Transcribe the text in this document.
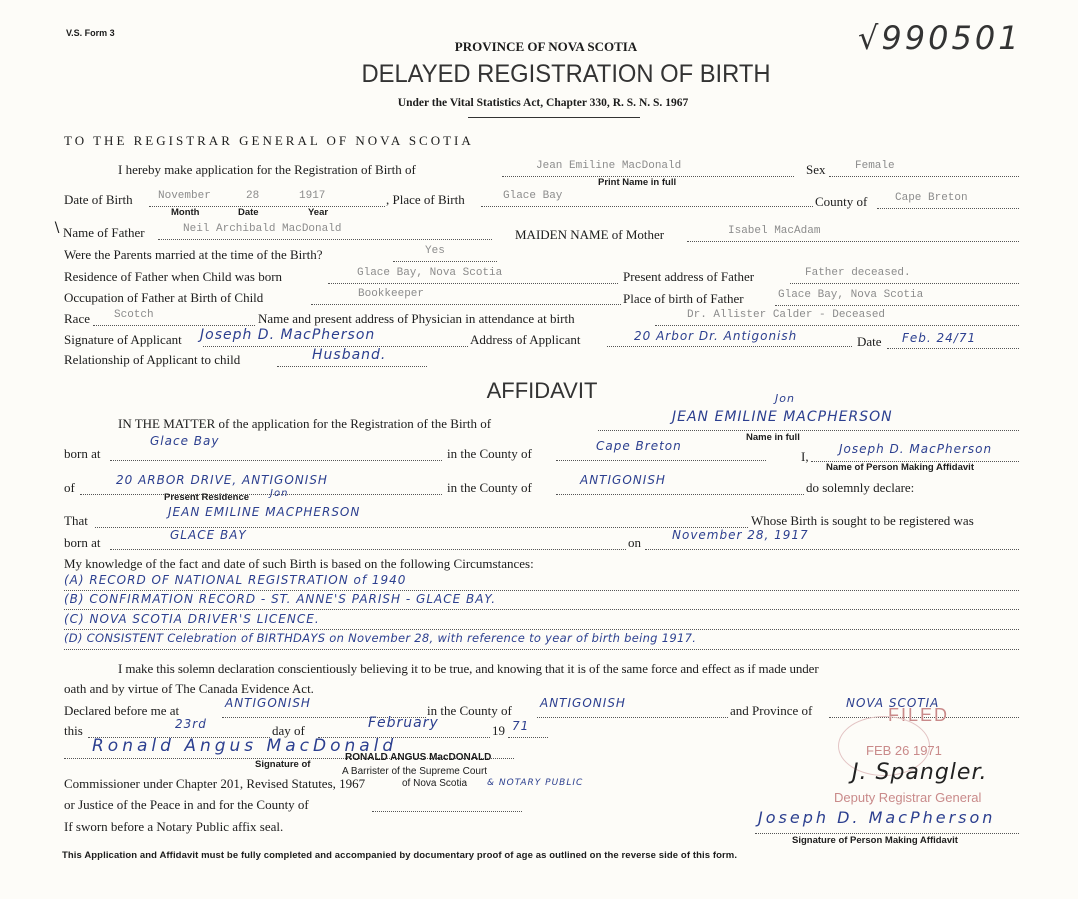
V.S. Form 3	√990501
PROVINCE OF NOVA SCOTIA
DELAYED REGISTRATION OF BIRTH
Under the Vital Statistics Act, Chapter 330, R. S. N. S. 1967
TO THE REGISTRAR GENERAL OF NOVA SCOTIA
I hereby make application for the Registration of Birth of	Jean Emiline MacDonald
Print Name in full
Sex	Female
Date of Birth November	28	1917
Month	Date	Year
, Place of Birth	Glace Bay	County of	Cape Breton
∖ Name of Father	Neil Archibald MacDonald	MAIDEN NAME of Mother	Isabel MacAdam
Were the Parents married at the time of the Birth?	Yes
Residence of Father when Child was born	Glace Bay, Nova Scotia	Present address of Father	Father deceased.
Occupation of Father at Birth of Child	Bookkeeper	Place of birth of Father	Glace Bay, Nova Scotia
Race Scotch	Name and present address of Physician in attendance at birth	Dr. Allister Calder - Deceased
Signature of Applicant Joseph D. MacPherson	Address of Applicant	20 Arbor Dr. Antigonish	Date Feb. 24/71
Relationship of Applicant to child	Husband.
AFFIDAVIT
IN THE MATTER of the application for the Registration of the Birth of	JEAN EMILINE MACPHERSON
Jon
Name in full
born at
Glace Bay
in the County of	Cape Breton
I,	Joseph D. MacPherson
Name of Person Making Affidavit
of	20 ARBOR DRIVE, ANTIGONISH	in the County of	ANTIGONISH	do solemnly declare:
Present Residence Jon
That
JEAN EMILINE MACPHERSON
Whose Birth is sought to be registered was
born at	GLACE BAY	on	November 28, 1917
My knowledge of the fact and date of such Birth is based on the following Circumstances:
(A) RECORD OF NATIONAL REGISTRATION of 1940
(B) CONFIRMATION RECORD - ST. ANNE'S PARISH - GLACE BAY.
(C) NOVA SCOTIA DRIVER'S LICENCE.
(D) CONSISTENT Celebration of BIRTHDAYS on November 28, with reference to year of birth being 1917.
I make this solemn declaration conscientiously believing it to be true, and knowing that it is of the same force and effect as if made under
oath and by virtue of The Canada Evidence Act.
Declared before me at	ANTIGONISH	in the County of ANTIGONISH	and Province of	NOVA SCOTIA
FILED
this	23rd	day of	February	19 71
Ronald Angus MacDonald	FEB 26 1971
Signature of
RONALD ANGUS MacDONALD
A Barrister of the Supreme Court
of Nova Scotia & NOTARY PUBLIC
Commissioner under Chapter 201, Revised Statutes, 1967
or Justice of the Peace in and for the County of
If sworn before a Notary Public affix seal.
J. Spangler.
Deputy Registrar General
Joseph D. MacPherson
Signature of Person Making Affidavit
This Application and Affidavit must be fully completed and accompanied by documentary proof of age as outlined on the reverse side of this form.
